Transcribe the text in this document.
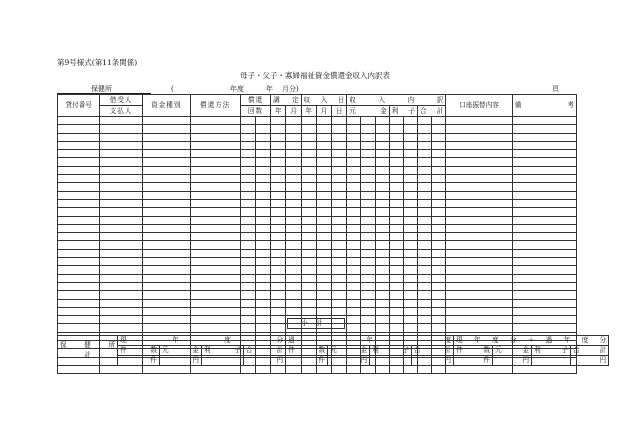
第9号様式(第11条関係)
母子・父子・寡婦福祉資金償還金収入内訳表
保健所	(	年度	年 月分)	頁
貸付番号	借受人	資金種別	償還方法	償還		調定		収入日			収入内訳							口座振替内容	備考
	支払人			回数		年	月	年	月	日	元金			利子		合計			

保健所
計	現年度分				過年度				現年度分＋過年度分			
	件数	元金	利子	合計	件数	元金	利子	合計	件数	元金	利子	合計
	件	円		円	件	円		円	件	円		円
小計
